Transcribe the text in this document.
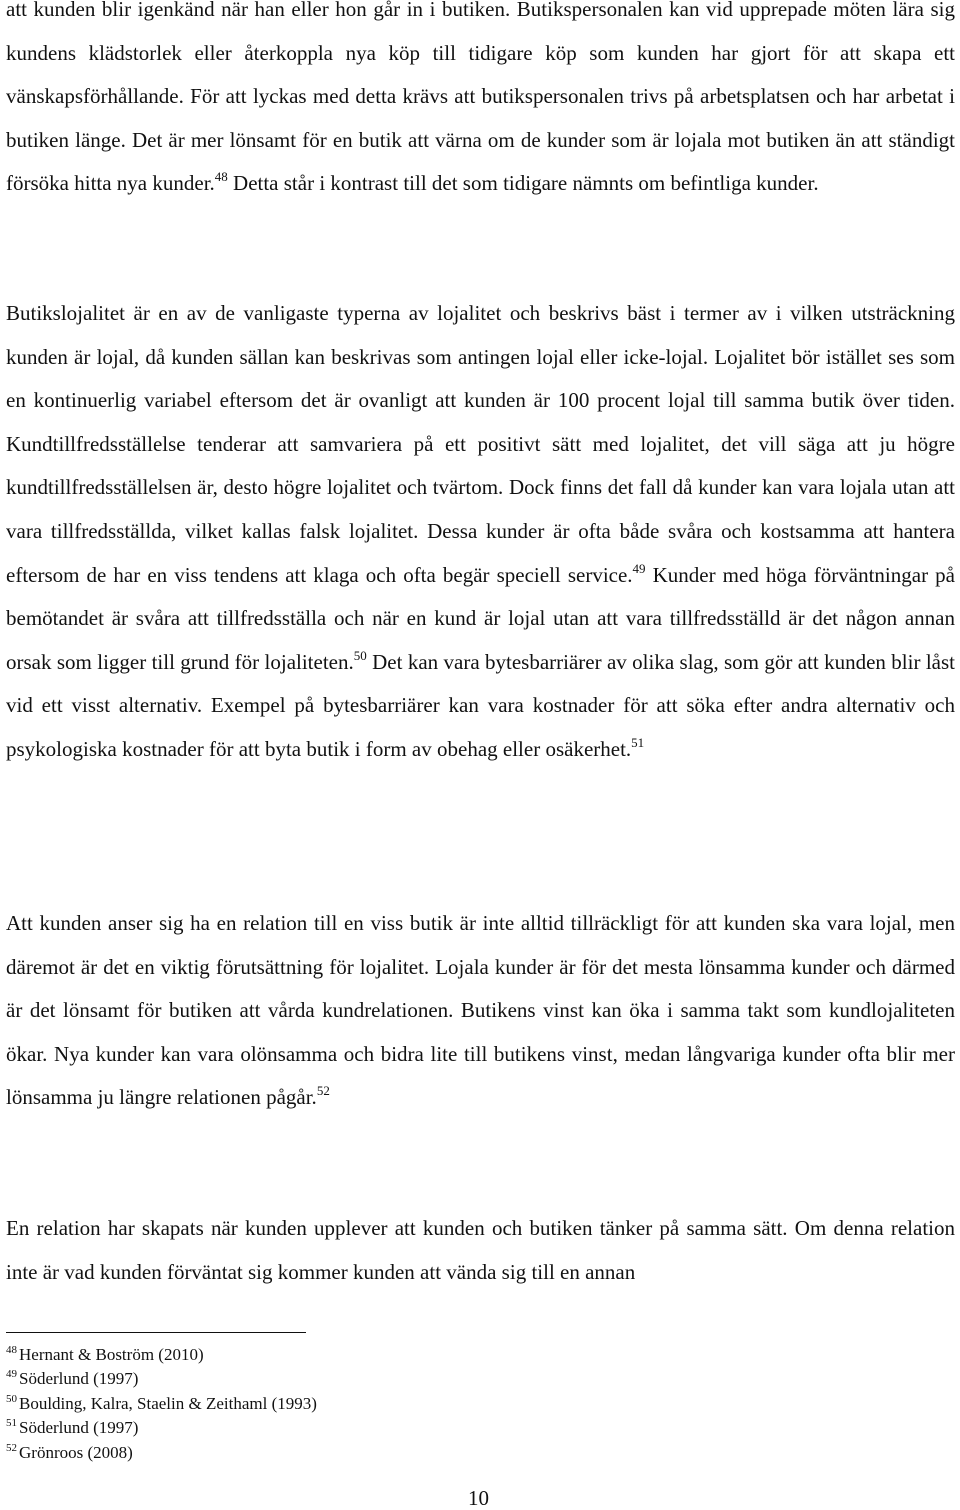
att kunden blir igenkänd när han eller hon går in i butiken. Butikspersonalen kan vid upprepade möten lära sig kundens klädstorlek eller återkoppla nya köp till tidigare köp som kunden har gjort för att skapa ett vänskapsförhållande. För att lyckas med detta krävs att butikspersonalen trivs på arbetsplatsen och har arbetat i butiken länge. Det är mer lönsamt för en butik att värna om de kunder som är lojala mot butiken än att ständigt försöka hitta nya kunder.$^{48}$ Detta står i kontrast till det som tidigare nämnts om befintliga kunder.

Butikslojalitet är en av de vanligaste typerna av lojalitet och beskrivs bäst i termer av i vilken utsträckning kunden är lojal, då kunden sällan kan beskrivas som antingen lojal eller icke-lojal. Lojalitet bör istället ses som en kontinuerlig variabel eftersom det är ovanligt att kunden är 100 procent lojal till samma butik över tiden. Kundtillfredsställelse tenderar att samvariera på ett positivt sätt med lojalitet, det vill säga att ju högre kundtillfredsställelsen är, desto högre lojalitet och tvärtom. Dock finns det fall då kunder kan vara lojala utan att vara tillfredsställda, vilket kallas falsk lojalitet. Dessa kunder är ofta både svåra och kostsamma att hantera eftersom de har en viss tendens att klaga och ofta begär speciell service.$^{49}$ Kunder med höga förväntningar på bemötandet är svåra att tillfredsställa och när en kund är lojal utan att vara tillfredsställd är det någon annan orsak som ligger till grund för lojaliteten.$^{50}$ Det kan vara bytesbarriärer av olika slag, som gör att kunden blir låst vid ett visst alternativ. Exempel på bytesbarriärer kan vara kostnader för att söka efter andra alternativ och psykologiska kostnader för att byta butik i form av obehag eller osäkerhet.$^{51}$

Att kunden anser sig ha en relation till en viss butik är inte alltid tillräckligt för att kunden ska vara lojal, men däremot är det en viktig förutsättning för lojalitet. Lojala kunder är för det mesta lönsamma kunder och därmed är det lönsamt för butiken att vårda kundrelationen. Butikens vinst kan öka i samma takt som kundlojaliteten ökar. Nya kunder kan vara olönsamma och bidra lite till butikens vinst, medan långvariga kunder ofta blir mer lönsamma ju längre relationen pågår.$^{52}$

En relation har skapats när kunden upplever att kunden och butiken tänker på samma sätt. Om denna relation inte är vad kunden förväntat sig kommer kunden att vända sig till en annan

$^{48}$ Hernant & Boström (2010)
$^{49}$ Söderlund (1997)
$^{50}$ Boulding, Kalra, Staelin & Zeithaml (1993)
$^{51}$ Söderlund (1997)
$^{52}$ Grönroos (2008)
10
